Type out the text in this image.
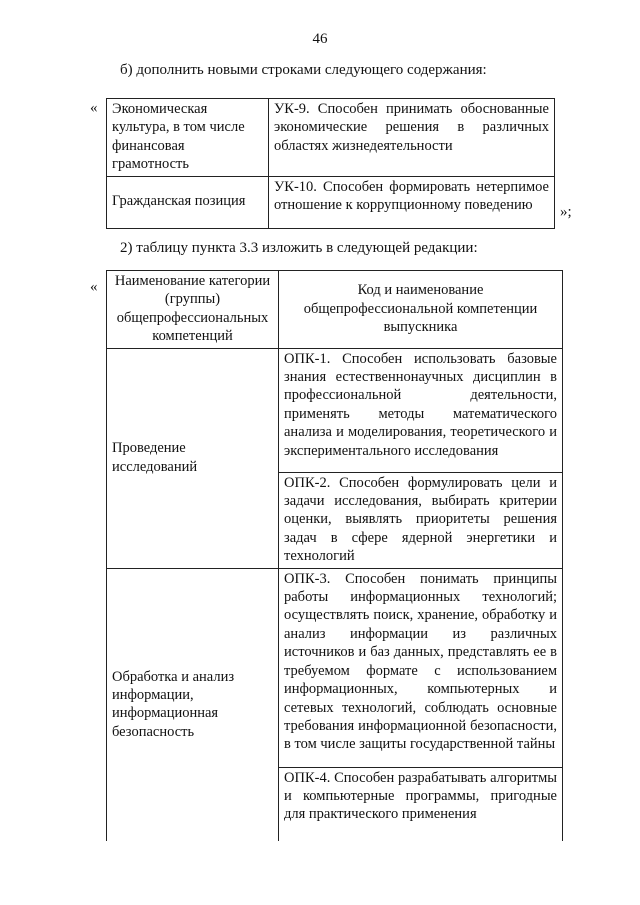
46
б) дополнить новыми строками следующего содержания:
« Экономическая культура, в том числе финансовая грамотность	УК-9. Способен принимать обоснованные экономические решения в различных областях жизнедеятельности
Гражданская позиция	УК-10. Способен формировать нетерпимое отношение к коррупционному поведению »;
2) таблицу пункта 3.3 изложить в следующей редакции:
« Наименование категории (группы) общепрофессиональных компетенций	Код и наименование общепрофессиональной компетенции выпускника
Проведение исследований	ОПК-1. Способен использовать базовые знания естественнонаучных дисциплин в профессиональной деятельности, применять методы математического анализа и моделирования, теоретического и экспериментального исследования
	ОПК-2. Способен формулировать цели и задачи исследования, выбирать критерии оценки, выявлять приоритеты решения задач в сфере ядерной энергетики и технологий
Обработка и анализ информации, информационная безопасность	ОПК-3. Способен понимать принципы работы информационных технологий; осуществлять поиск, хранение, обработку и анализ информации из различных источников и баз данных, представлять ее в требуемом формате с использованием информационных, компьютерных и сетевых технологий, соблюдать основные требования информационной безопасности, в том числе защиты государственной тайны
	ОПК-4. Способен разрабатывать алгоритмы и компьютерные программы, пригодные для практического применения
